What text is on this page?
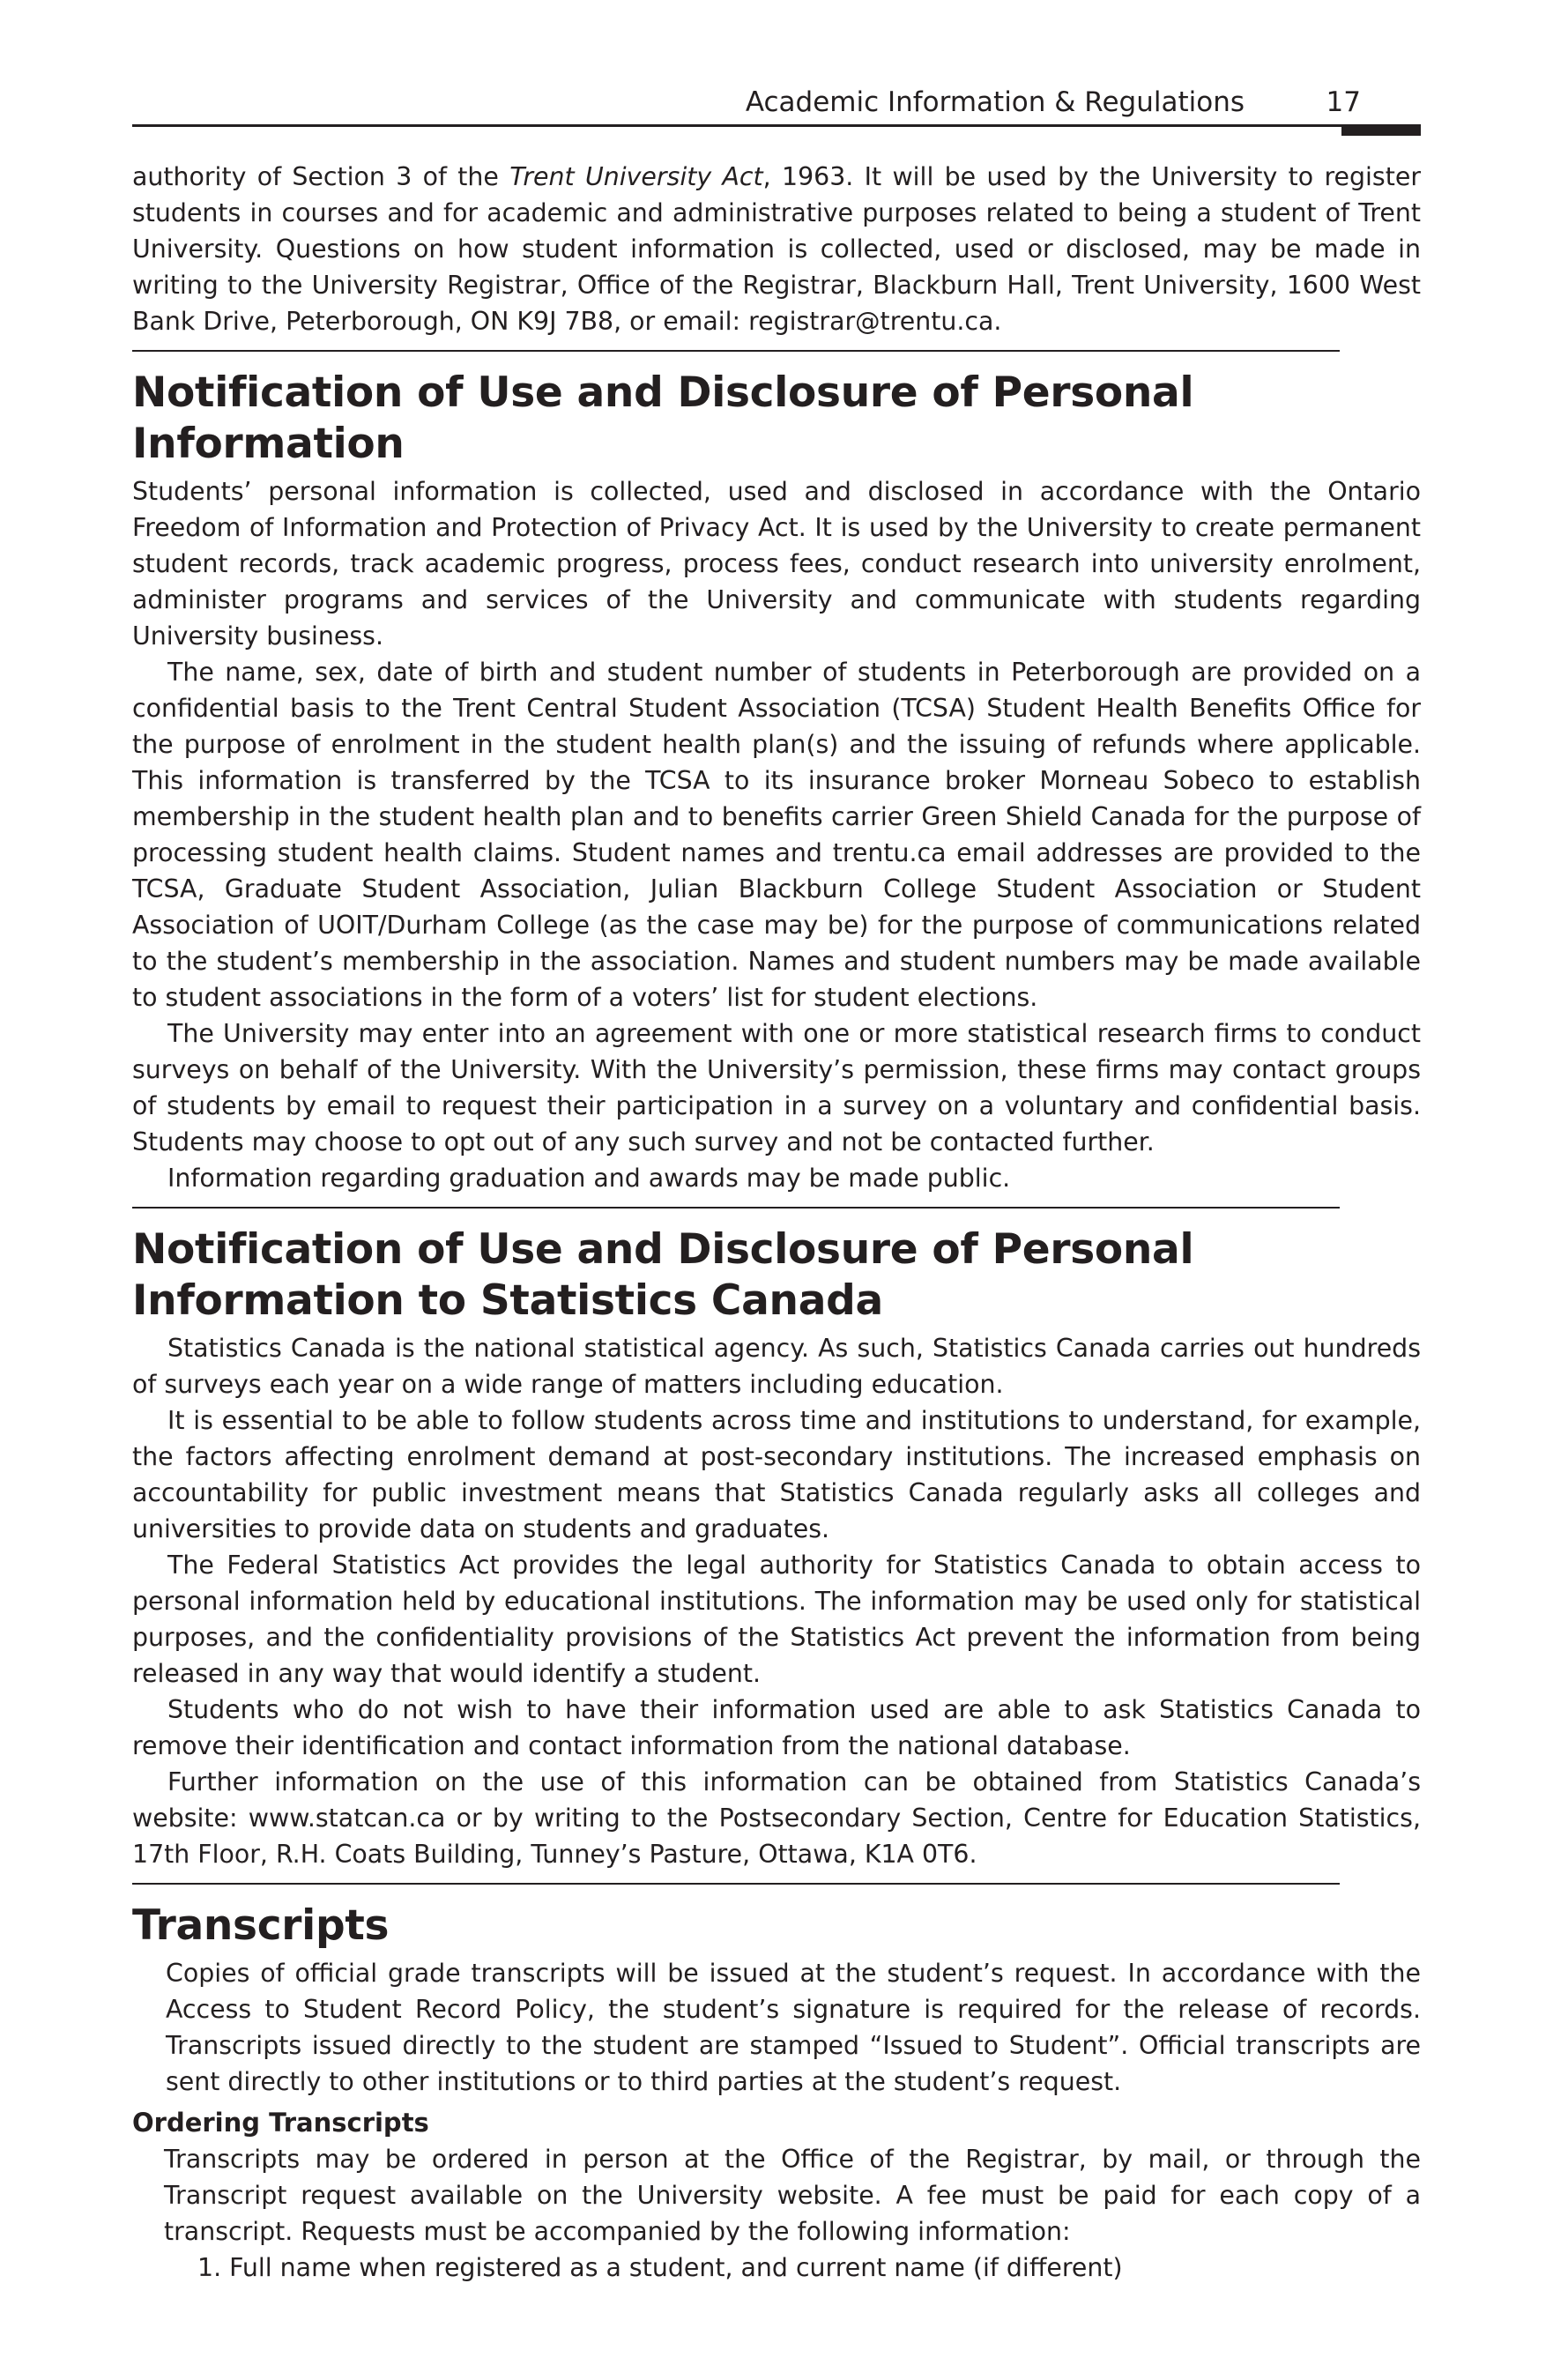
Academic Information & Regulations	17

authority of Section 3 of the Trent University Act, 1963. It will be used by the University to register students in courses and for academic and administrative purposes related to being a student of Trent University. Questions on how student information is collected, used or disclosed, may be made in writing to the University Registrar, Office of the Registrar, Blackburn Hall, Trent University, 1600 West Bank Drive, Peterborough, ON K9J 7B8, or email: registrar@trentu.ca.

Notification of Use and Disclosure of Personal Information

Students’ personal information is collected, used and disclosed in accordance with the Ontario Freedom of Information and Protection of Privacy Act. It is used by the University to create permanent student records, track academic progress, process fees, conduct research into university enrolment, administer programs and services of the University and communicate with students regarding University business.

The name, sex, date of birth and student number of students in Peterborough are provided on a confidential basis to the Trent Central Student Association (TCSA) Student Health Benefits Office for the purpose of enrolment in the student health plan(s) and the issuing of refunds where applicable. This information is transferred by the TCSA to its insurance broker Morneau Sobeco to establish membership in the student health plan and to benefits carrier Green Shield Canada for the purpose of processing student health claims. Student names and trentu.ca email addresses are provided to the TCSA, Graduate Student Association, Julian Blackburn College Student Association or Student Association of UOIT/Durham College (as the case may be) for the purpose of communications related to the student’s membership in the association. Names and student numbers may be made available to student associations in the form of a voters’ list for student elections.

The University may enter into an agreement with one or more statistical research firms to conduct surveys on behalf of the University. With the University’s permission, these firms may contact groups of students by email to request their participation in a survey on a voluntary and confidential basis. Students may choose to opt out of any such survey and not be contacted further.

Information regarding graduation and awards may be made public.

Notification of Use and Disclosure of Personal Information to Statistics Canada

Statistics Canada is the national statistical agency. As such, Statistics Canada carries out hundreds of surveys each year on a wide range of matters including education.

It is essential to be able to follow students across time and institutions to understand, for example, the factors affecting enrolment demand at post-secondary institutions. The increased emphasis on accountability for public investment means that Statistics Canada regularly asks all colleges and universities to provide data on students and graduates.

The Federal Statistics Act provides the legal authority for Statistics Canada to obtain access to personal information held by educational institutions. The information may be used only for statistical purposes, and the confidentiality provisions of the Statistics Act prevent the information from being released in any way that would identify a student.

Students who do not wish to have their information used are able to ask Statistics Canada to remove their identification and contact information from the national database.

Further information on the use of this information can be obtained from Statistics Canada’s website: www.statcan.ca or by writing to the Postsecondary Section, Centre for Education Statistics, 17th Floor, R.H. Coats Building, Tunney’s Pasture, Ottawa, K1A 0T6.

Transcripts

Copies of official grade transcripts will be issued at the student’s request. In accordance with the Access to Student Record Policy, the student’s signature is required for the release of records. Transcripts issued directly to the student are stamped “Issued to Student”. Official transcripts are sent directly to other institutions or to third parties at the student’s request.

Ordering Transcripts

Transcripts may be ordered in person at the Office of the Registrar, by mail, or through the Transcript request available on the University website. A fee must be paid for each copy of a transcript. Requests must be accompanied by the following information:

1. Full name when registered as a student, and current name (if different)
